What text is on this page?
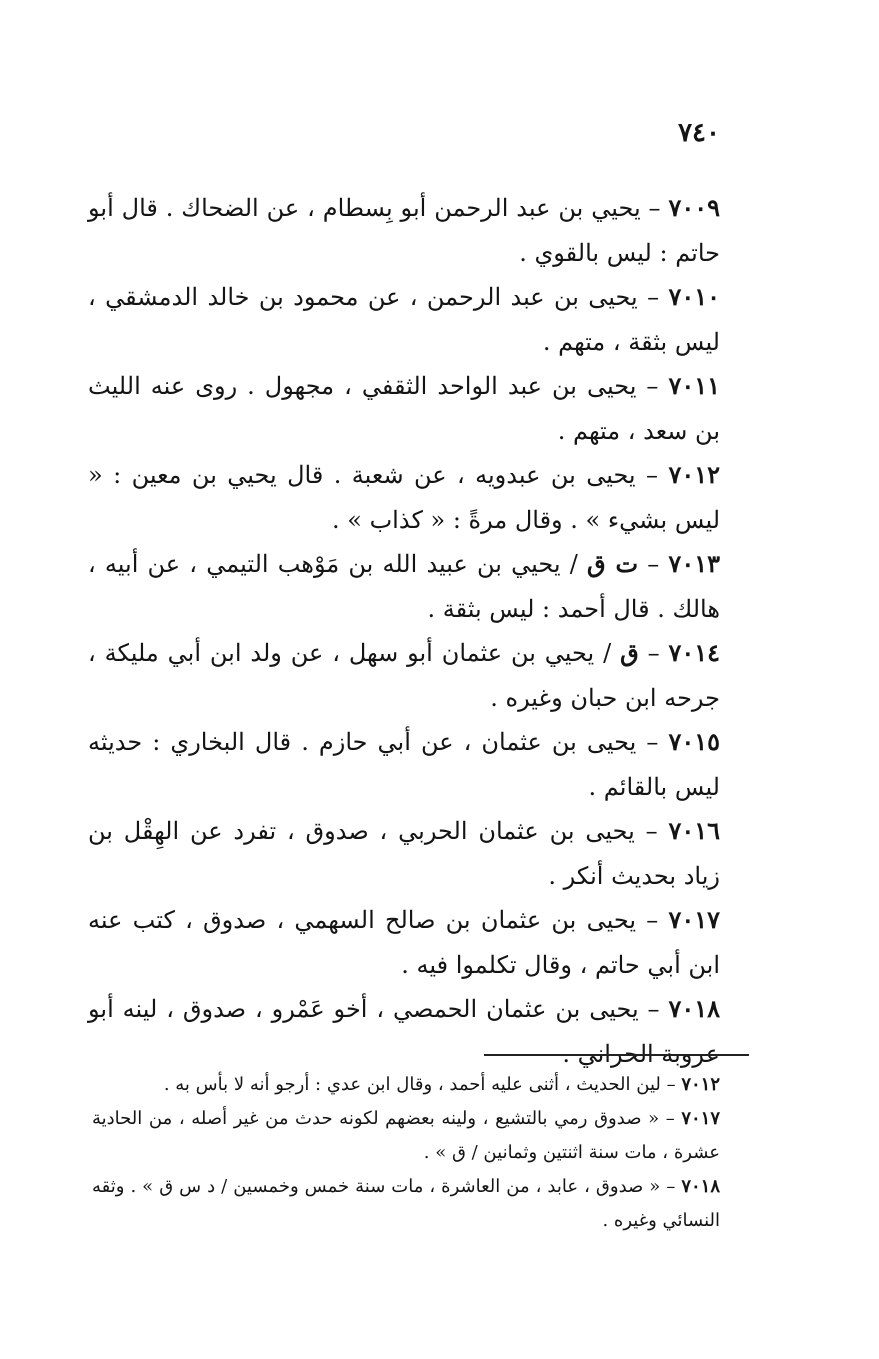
٧٤٠

٧٠٠٩ – يحيي بن عبد الرحمن أبو بِسطام ، عن الضحاك . قال أبو حاتم : ليس بالقوي .

٧٠١٠ – يحيى بن عبد الرحمن ، عن محمود بن خالد الدمشقي ، ليس بثقة ، متهم .

٧٠١١ – يحيى بن عبد الواحد الثقفي ، مجهول . روى عنه الليث بن سعد ، متهم .

٧٠١٢ – يحيى بن عبدويه ، عن شعبة . قال يحيي بن معين : « ليس بشيء » . وقال مرةً : « كذاب » .

٧٠١٣ – ت ق / يحيي بن عبيد الله بن مَوْهب التيمي ، عن أبيه ، هالك . قال أحمد : ليس بثقة .

٧٠١٤ – ق / يحيي بن عثمان أبو سهل ، عن ولد ابن أبي مليكة ، جرحه ابن حبان وغيره .

٧٠١٥ – يحيى بن عثمان ، عن أبي حازم . قال البخاري : حديثه ليس بالقائم .

٧٠١٦ – يحيى بن عثمان الحربي ، صدوق ، تفرد عن الهِقْل بن زياد بحديث أنكر .

٧٠١٧ – يحيى بن عثمان بن صالح السهمي ، صدوق ، كتب عنه ابن أبي حاتم ، وقال تكلموا فيه .

٧٠١٨ – يحيى بن عثمان الحمصي ، أخو عَمْرو ، صدوق ، لينه أبو عروبة الحراني .

٧٠١٢ – لين الحديث ، أثنى عليه أحمد ، وقال ابن عدي : أرجو أنه لا بأس به .

٧٠١٧ – « صدوق رمي بالتشيع ، ولينه بعضهم لكونه حدث من غير أصله ، من الحادية عشرة ، مات سنة اثنتين وثمانين / ق » .

٧٠١٨ – « صدوق ، عابد ، من العاشرة ، مات سنة خمس وخمسين / د س ق » . وثقه النسائي وغيره .
